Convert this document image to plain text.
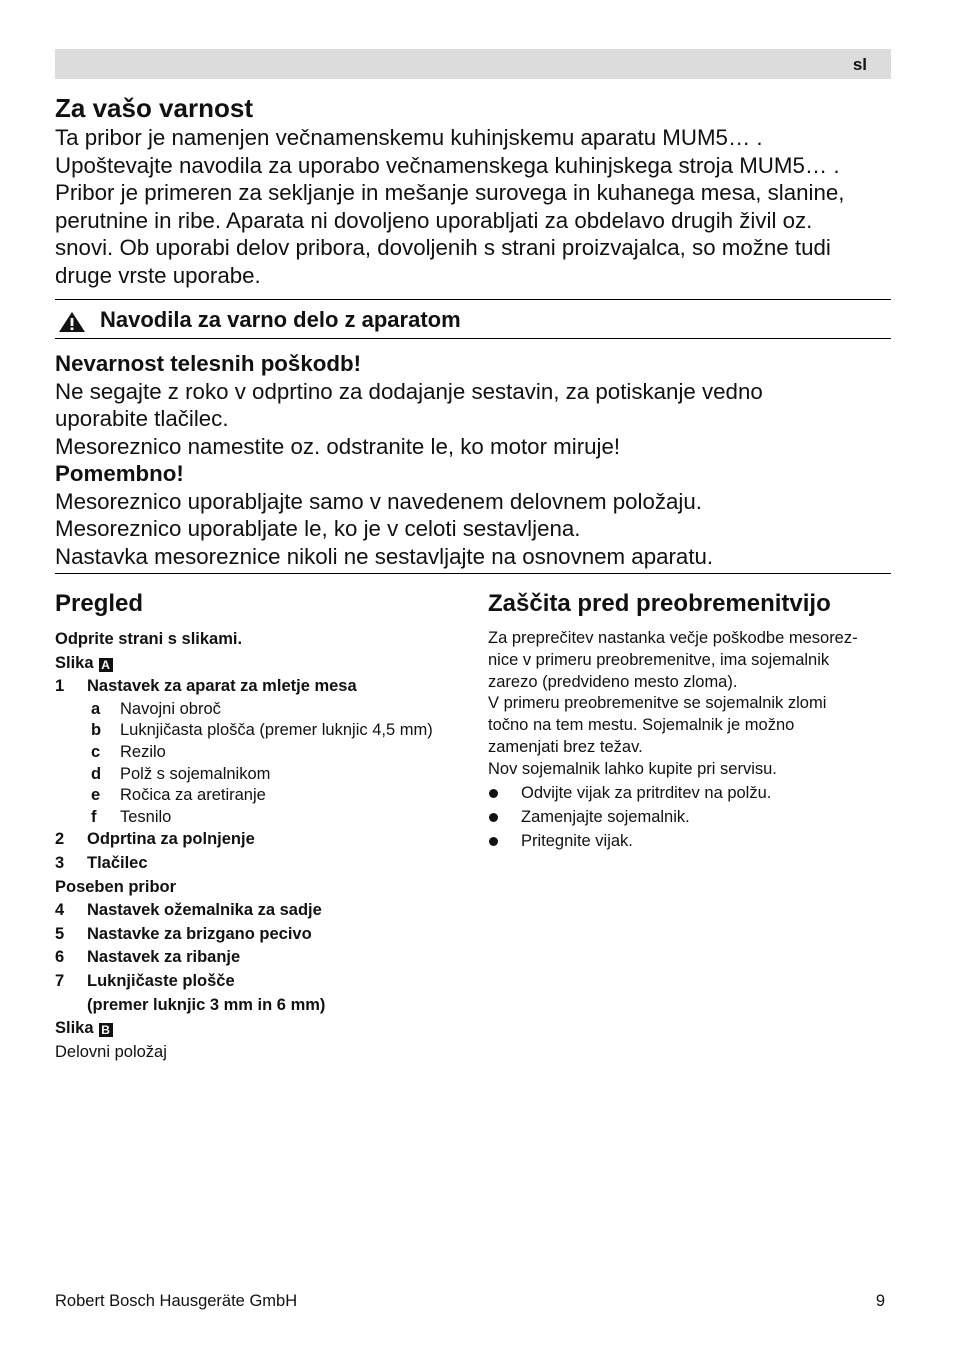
sl
Za vašo varnost
Ta pribor je namenjen večnamenskemu kuhinjskemu aparatu MUM5… .
Upoštevajte navodila za uporabo večnamenskega kuhinjskega stroja MUM5… .
Pribor je primeren za sekljanje in mešanje surovega in kuhanega mesa, slanine,
perutnine in ribe. Aparata ni dovoljeno uporabljati za obdelavo drugih živil oz.
snovi. Ob uporabi delov pribora, dovoljenih s strani proizvajalca, so možne tudi
druge vrste uporabe.
Navodila za varno delo z aparatom
Nevarnost telesnih poškodb!
Ne segajte z roko v odprtino za dodajanje sestavin, za potiskanje vedno
uporabite tlačilec.
Mesoreznico namestite oz. odstranite le, ko motor miruje!
Pomembno!
Mesoreznico uporabljajte samo v navedenem delovnem položaju.
Mesoreznico uporabljate le, ko je v celoti sestavljena.
Nastavka mesoreznice nikoli ne sestavljajte na osnovnem aparatu.
Pregled
Odprite strani s slikami.
Slika A
1 Nastavek za aparat za mletje mesa
a Navojni obroč
b Luknjičasta plošča (premer luknjic 4,5 mm)
c Rezilo
d Polž s sojemalnikom
e Ročica za aretiranje
f Tesnilo
2 Odprtina za polnjenje
3 Tlačilec
Poseben pribor
4 Nastavek ožemalnika za sadje
5 Nastavke za brizgano pecivo
6 Nastavek za ribanje
7 Luknjičaste plošče
(premer luknjic 3 mm in 6 mm)
Slika B
Delovni položaj
Zaščita pred preobremenitvijo
Za preprečitev nastanka večje poškodbe mesorez-
nice v primeru preobremenitve, ima sojemalnik
zarezo (predvideno mesto zloma).
V primeru preobremenitve se sojemalnik zlomi
točno na tem mestu. Sojemalnik je možno
zamenjati brez težav.
Nov sojemalnik lahko kupite pri servisu.
Odvijte vijak za pritrditev na polžu.
Zamenjajte sojemalnik.
Pritegnite vijak.
Robert Bosch Hausgeräte GmbH	9
